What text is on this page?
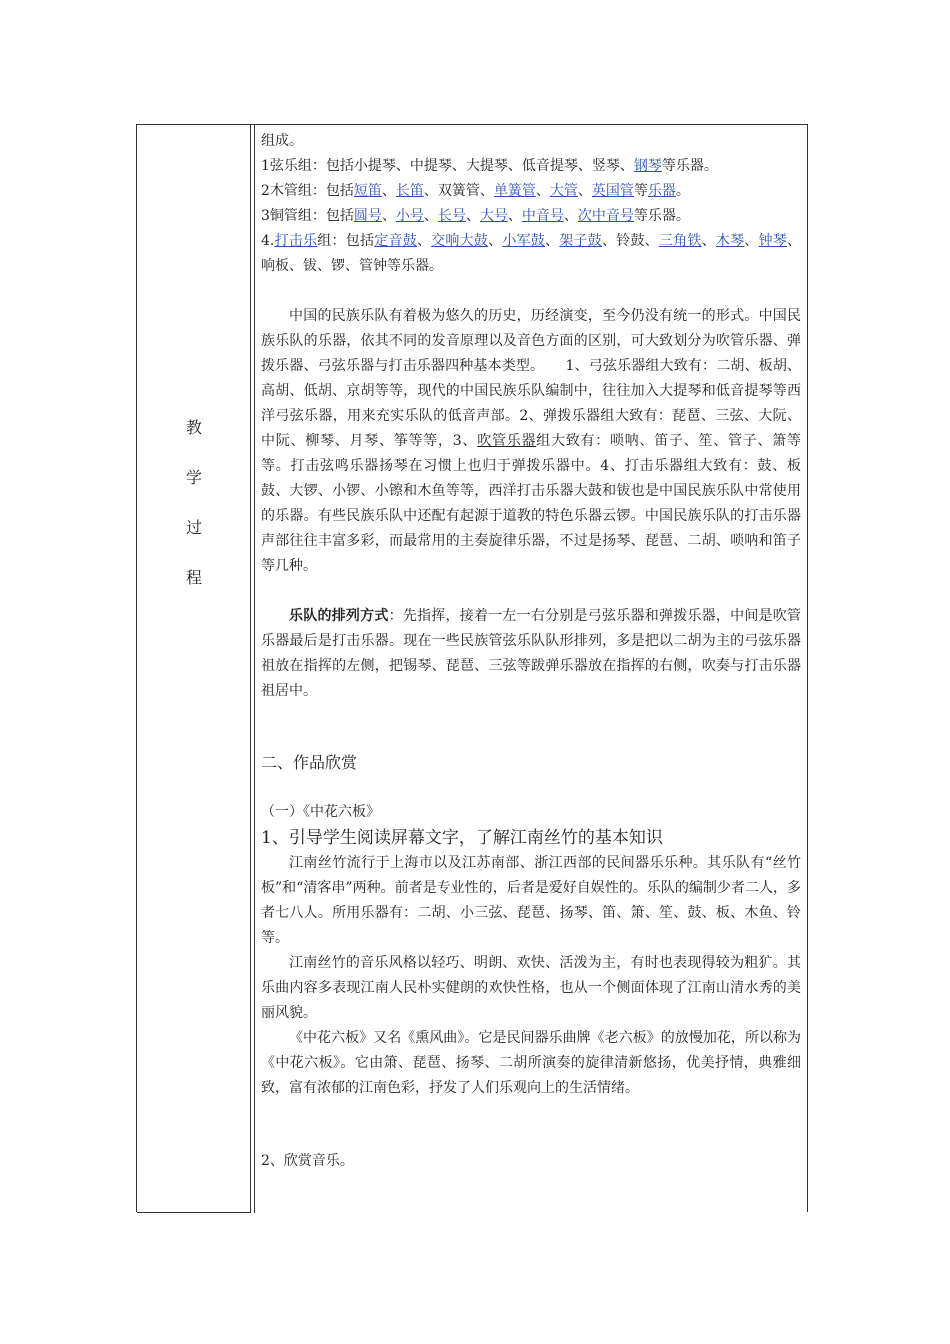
教
学
过
程

组成。

1弦乐组：包括小提琴、中提琴、大提琴、低音提琴、竖琴、钢琴等乐器。

2木管组：包括短笛、长笛、双簧管、单簧管、大管、英国管等乐器。

3铜管组：包括圆号、小号、长号、大号、中音号、次中音号等乐器。

4.打击乐组：包括定音鼓、交响大鼓、小军鼓、架子鼓、铃鼓、三角铁、木琴、钟琴、响板、钹、锣、管钟等乐器。

中国的民族乐队有着极为悠久的历史，历经演变，至今仍没有统一的形式。中国民族乐队的乐器，依其不同的发音原理以及音色方面的区别，可大致划分为吹管乐器、弹拨乐器、弓弦乐器与打击乐器四种基本类型。　　1、弓弦乐器组大致有：二胡、板胡、高胡、低胡、京胡等等，现代的中国民族乐队编制中，往往加入大提琴和低音提琴等西洋弓弦乐器，用来充实乐队的低音声部。2、弹拨乐器组大致有：琵琶、三弦、大阮、中阮、柳琴、月琴、筝等等，3、吹管乐器组大致有：唢呐、笛子、笙、管子、箫等等。打击弦鸣乐器扬琴在习惯上也归于弹拨乐器中。4、打击乐器组大致有：鼓、板鼓、大锣、小锣、小镲和木鱼等等，西洋打击乐器大鼓和钹也是中国民族乐队中常使用的乐器。有些民族乐队中还配有起源于道教的特色乐器云锣。中国民族乐队的打击乐器声部往往丰富多彩，而最常用的主奏旋律乐器，不过是扬琴、琵琶、二胡、唢呐和笛子等几种。

乐队的排列方式：先指挥，接着一左一右分别是弓弦乐器和弹拨乐器，中间是吹管乐器最后是打击乐器。现在一些民族管弦乐队队形排列，多是把以二胡为主的弓弦乐器祖放在指挥的左侧，把锡琴、琵琶、三弦等跋弹乐器放在指挥的右侧，吹奏与打击乐器祖居中。

二、作品欣赏

（一）《中花六板》

1、引导学生阅读屏幕文字，了解江南丝竹的基本知识

江南丝竹流行于上海市以及江苏南部、浙江西部的民间器乐乐种。其乐队有“丝竹板”和“清客串”两种。前者是专业性的，后者是爱好自娱性的。乐队的编制少者二人，多者七八人。所用乐器有：二胡、小三弦、琵琶、扬琴、笛、箫、笙、鼓、板、木鱼、铃等。

江南丝竹的音乐风格以轻巧、明朗、欢快、活泼为主，有时也表现得较为粗犷。其乐曲内容多表现江南人民朴实健朗的欢快性格，也从一个侧面体现了江南山清水秀的美丽风貌。

《中花六板》又名《熏风曲》。它是民间器乐曲牌《老六板》的放慢加花，所以称为《中花六板》。它由箫、琵琶、扬琴、二胡所演奏的旋律清新悠扬，优美抒情，典雅细致，富有浓郁的江南色彩，抒发了人们乐观向上的生活情绪。

2、欣赏音乐。
